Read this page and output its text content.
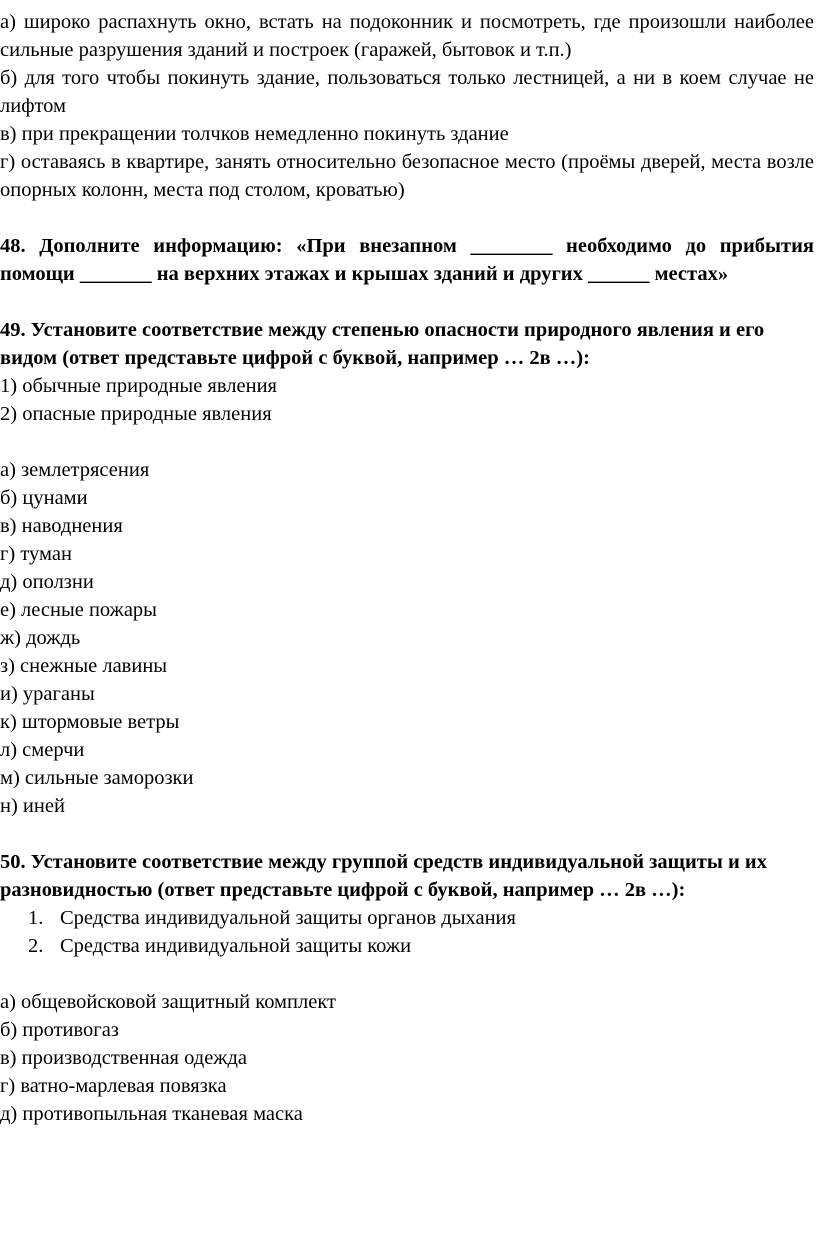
а) широко распахнуть окно, встать на подоконник и посмотреть, где произошли наиболее сильные разрушения зданий и построек (гаражей, бытовок и т.п.)

б) для того чтобы покинуть здание, пользоваться только лестницей, а ни в коем случае не лифтом

в) при прекращении толчков немедленно покинуть здание

г) оставаясь в квартире, занять относительно безопасное место (проёмы дверей, места возле опорных колонн, места под столом, кроватью)

48. Дополните информацию: «При внезапном ________ необходимо до прибытия помощи _______ на верхних этажах и крышах зданий и других ______ местах»

49. Установите соответствие между степенью опасности природного явления и его видом (ответ представьте цифрой с буквой, например … 2в …):

1) обычные природные явления

2) опасные природные явления

а) землетрясения

б) цунами

в) наводнения

г) туман

д) оползни

е) лесные пожары

ж) дождь

з) снежные лавины

и) ураганы

к) штормовые ветры

л) смерчи

м) сильные заморозки

н) иней

50. Установите соответствие между группой средств индивидуальной защиты и их разновидностью (ответ представьте цифрой с буквой, например … 2в …):

1. Средства индивидуальной защиты органов дыхания
2. Средства индивидуальной защиты кожи

а) общевойсковой защитный комплект

б) противогаз

в) производственная одежда

г) ватно-марлевая повязка

д) противопыльная тканевая маска
